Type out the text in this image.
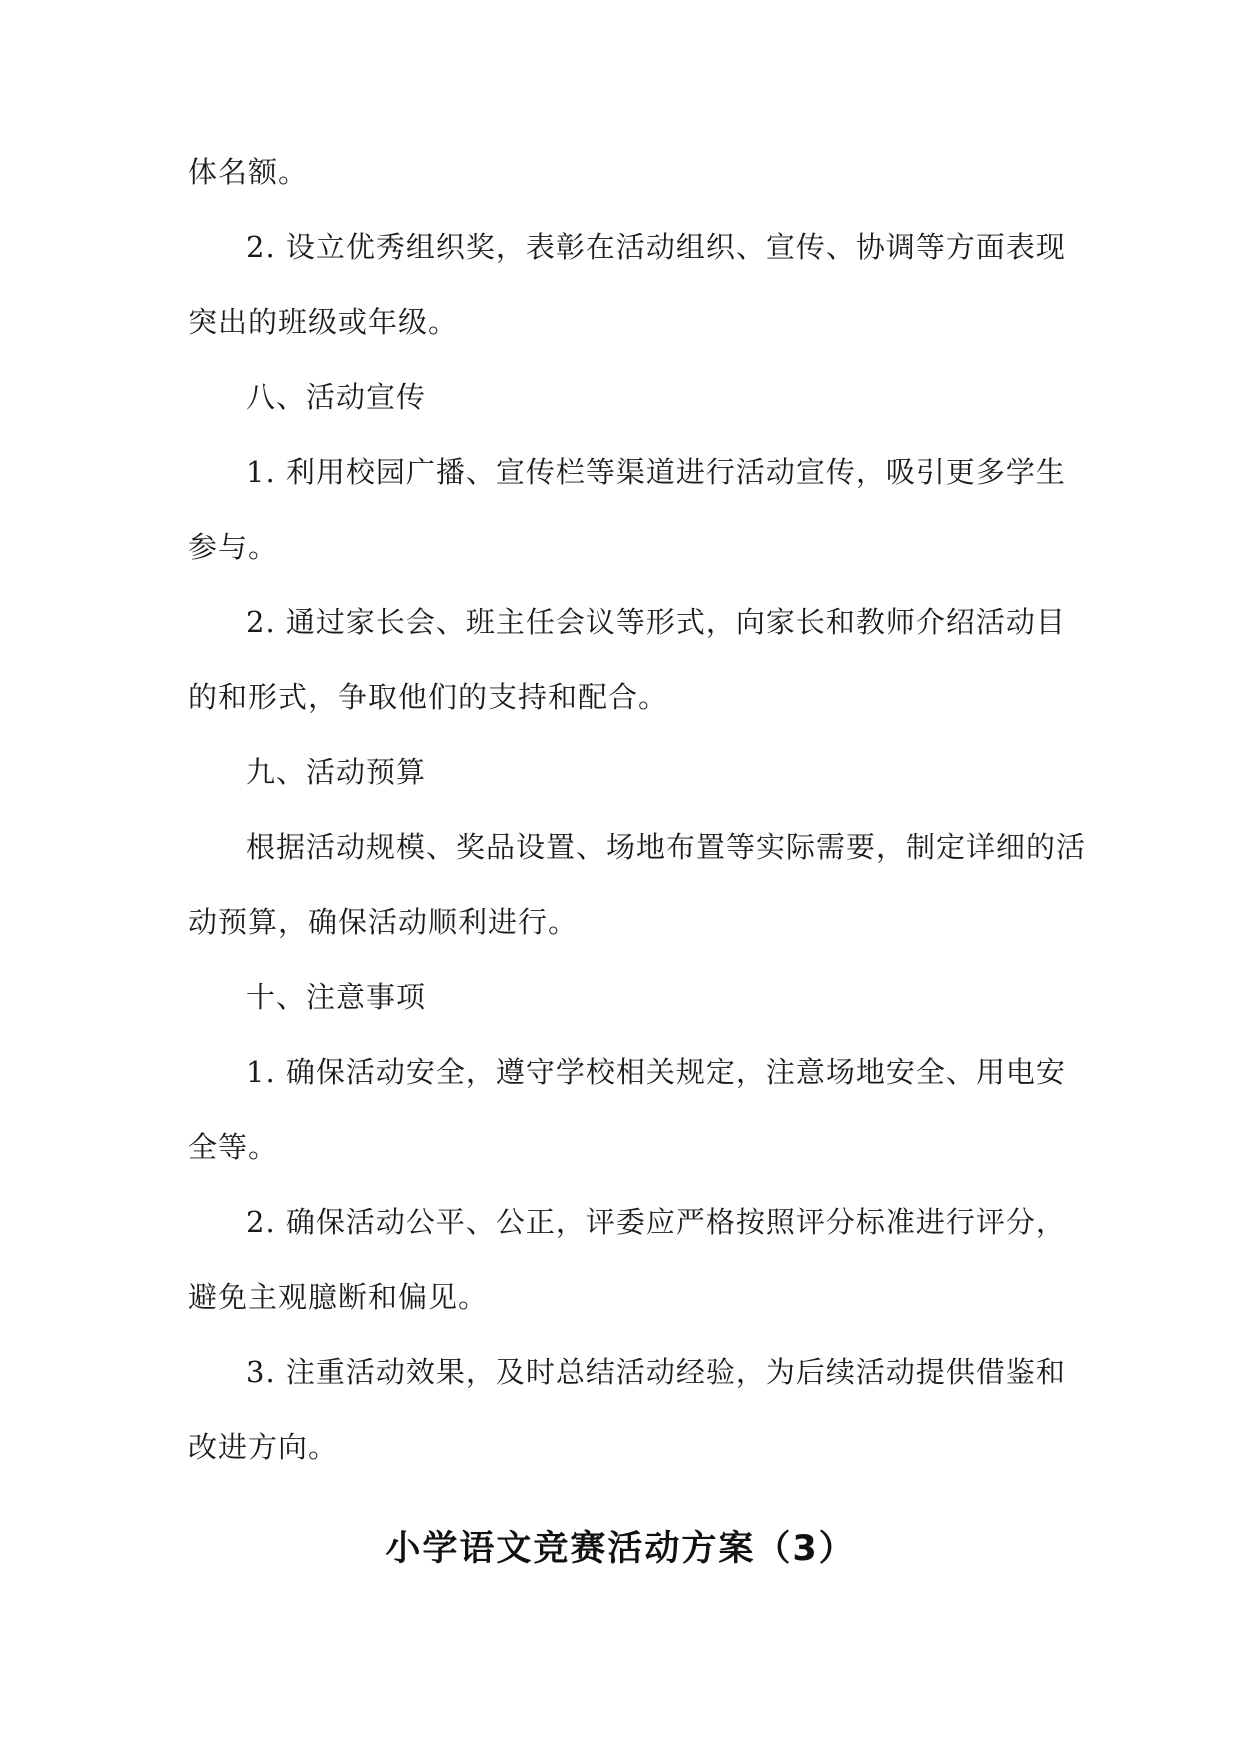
体名额。

2. 设立优秀组织奖，表彰在活动组织、宣传、协调等方面表现

突出的班级或年级。

八、活动宣传

1. 利用校园广播、宣传栏等渠道进行活动宣传，吸引更多学生

参与。

2. 通过家长会、班主任会议等形式，向家长和教师介绍活动目

的和形式，争取他们的支持和配合。

九、活动预算

根据活动规模、奖品设置、场地布置等实际需要，制定详细的活

动预算，确保活动顺利进行。

十、注意事项

1. 确保活动安全，遵守学校相关规定，注意场地安全、用电安

全等。

2. 确保活动公平、公正，评委应严格按照评分标准进行评分，

避免主观臆断和偏见。

3. 注重活动效果，及时总结活动经验，为后续活动提供借鉴和

改进方向。

小学语文竞赛活动方案（3）
